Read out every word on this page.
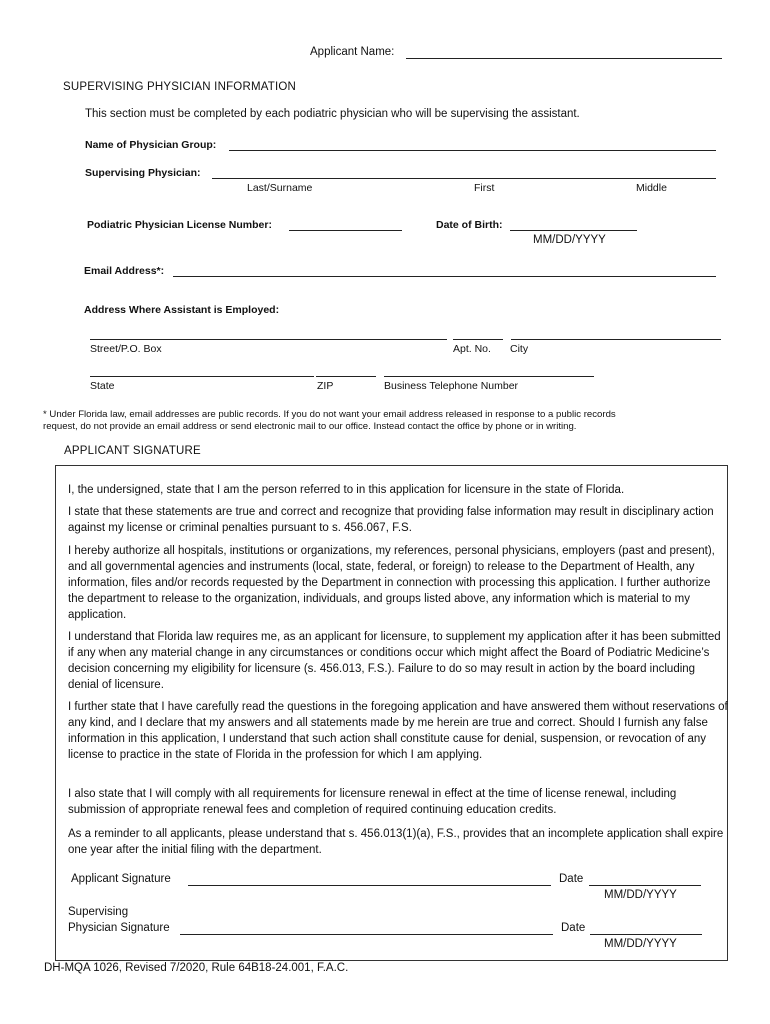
Applicant Name:
SUPERVISING PHYSICIAN INFORMATION
This section must be completed by each podiatric physician who will be supervising the assistant.
Name of Physician Group:
Supervising Physician:
Last/Surname	First	Middle
Podiatric Physician License Number:	Date of Birth:
MM/DD/YYYY
Email Address*:
Address Where Assistant is Employed:
Street/P.O. Box	Apt. No. City
State	ZIP	Business Telephone Number
* Under Florida law, email addresses are public records. If you do not want your email address released in response to a public records
request, do not provide an email address or send electronic mail to our office. Instead contact the office by phone or in writing.
APPLICANT SIGNATURE
I, the undersigned, state that I am the person referred to in this application for licensure in the state of Florida.
I state that these statements are true and correct and recognize that providing false information may result in disciplinary action against my license or criminal penalties pursuant to s. 456.067, F.S.
I hereby authorize all hospitals, institutions or organizations, my references, personal physicians, employers (past and present), and all governmental agencies and instruments (local, state, federal, or foreign) to release to the Department of Health, any information, files and/or records requested by the Department in connection with processing this application. I further authorize the department to release to the organization, individuals, and groups listed above, any information which is material to my application.
I understand that Florida law requires me, as an applicant for licensure, to supplement my application after it has been submitted if any when any material change in any circumstances or conditions occur which might affect the Board of Podiatric Medicine’s decision concerning my eligibility for licensure (s. 456.013, F.S.). Failure to do so may result in action by the board including denial of licensure.
I further state that I have carefully read the questions in the foregoing application and have answered them without reservations of any kind, and I declare that my answers and all statements made by me herein are true and correct. Should I furnish any false information in this application, I understand that such action shall constitute cause for denial, suspension, or revocation of any license to practice in the state of Florida in the profession for which I am applying.
I also state that I will comply with all requirements for licensure renewal in effect at the time of license renewal, including submission of appropriate renewal fees and completion of required continuing education credits.
As a reminder to all applicants, please understand that s. 456.013(1)(a), F.S., provides that an incomplete application shall expire one year after the initial filing with the department.
Applicant Signature	Date
MM/DD/YYYY
Supervising
Physician Signature	Date
MM/DD/YYYY
DH-MQA 1026, Revised 7/2020, Rule 64B18-24.001, F.A.C.
